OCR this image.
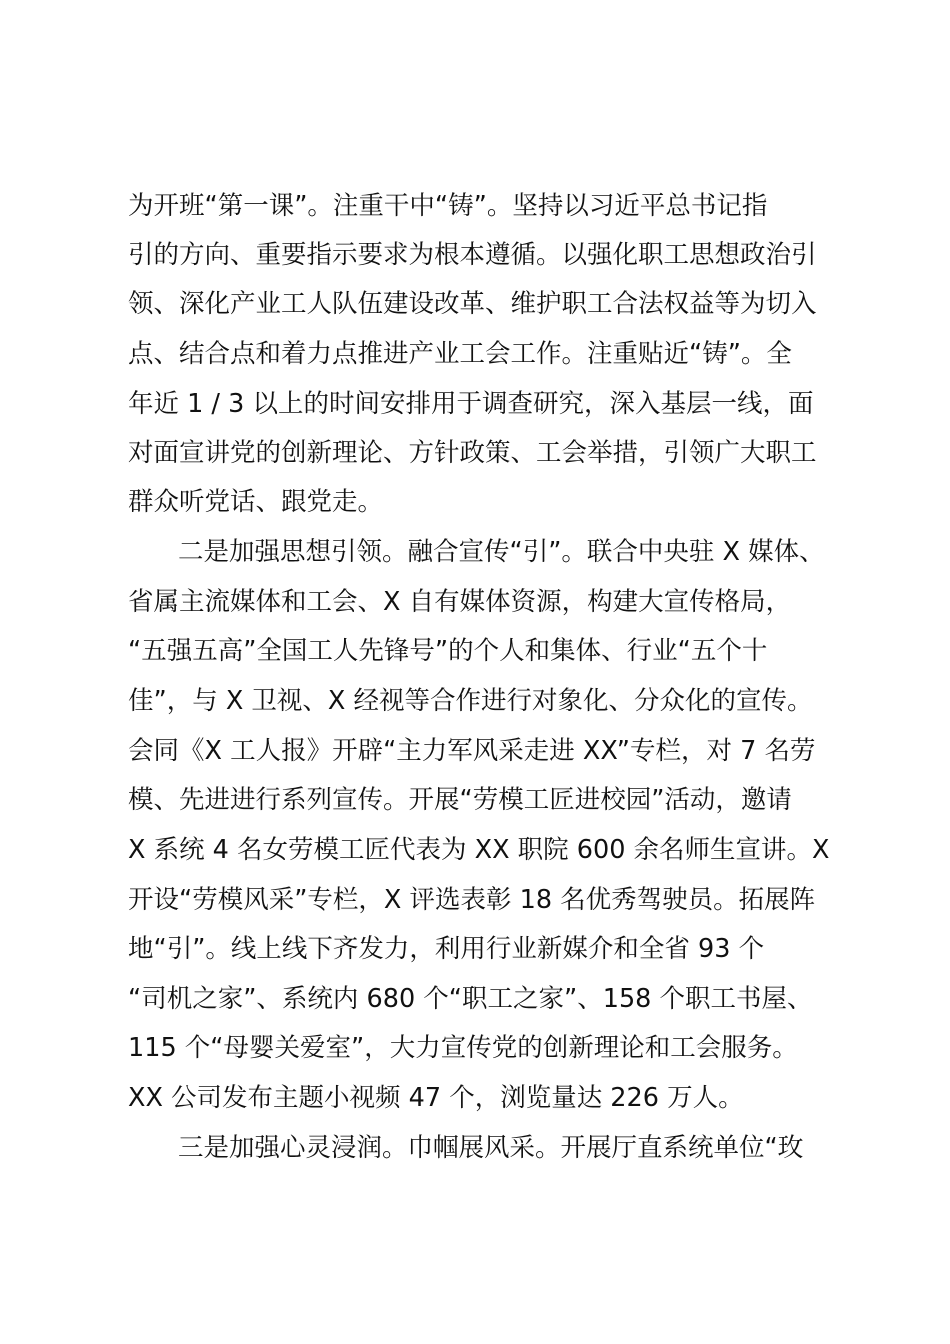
为开班“第一课”。注重干中“铸”。坚持以习近平总书记指
引的方向、重要指示要求为根本遵循。以强化职工思想政治引
领、深化产业工人队伍建设改革、维护职工合法权益等为切入
点、结合点和着力点推进产业工会工作。注重贴近“铸”。全
年近 1 / 3 以上的时间安排用于调查研究，深入基层一线，面
对面宣讲党的创新理论、方针政策、工会举措，引领广大职工
群众听党话、跟党走。
二是加强思想引领。融合宣传“引”。联合中央驻 X 媒体、
省属主流媒体和工会、X 自有媒体资源，构建大宣传格局，
“五强五高”全国工人先锋号”的个人和集体、行业“五个十
佳”，与 X 卫视、X 经视等合作进行对象化、分众化的宣传。
会同《X 工人报》开辟“主力军风采走进 XX”专栏，对 7 名劳
模、先进进行系列宣传。开展“劳模工匠进校园”活动，邀请
X 系统 4 名女劳模工匠代表为 XX 职院 600 余名师生宣讲。X
开设“劳模风采”专栏，X 评选表彰 18 名优秀驾驶员。拓展阵
地“引”。线上线下齐发力，利用行业新媒介和全省 93 个
“司机之家”、系统内 680 个“职工之家”、158 个职工书屋、
115 个“母婴关爱室”，大力宣传党的创新理论和工会服务。
XX 公司发布主题小视频 47 个，浏览量达 226 万人。
三是加强心灵浸润。巾帼展风采。开展厅直系统单位“玫
